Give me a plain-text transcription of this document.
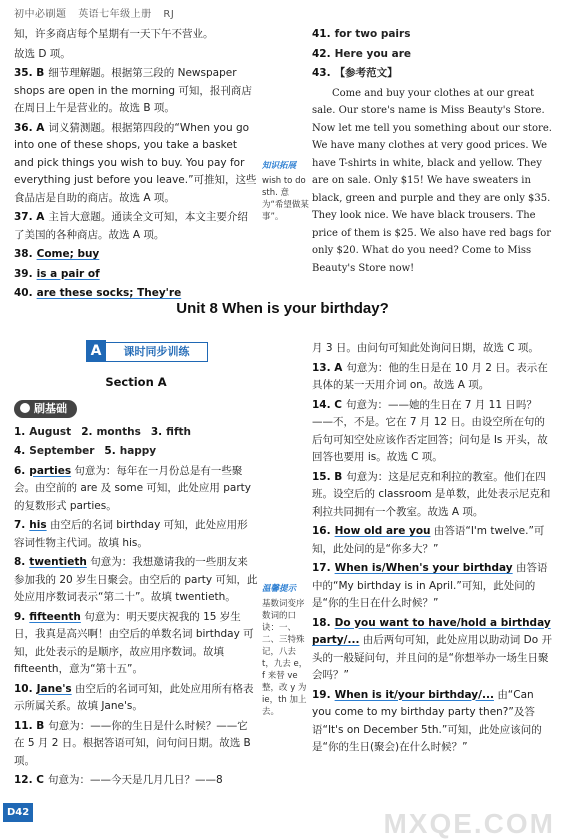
初中必刷题 英语七年级上册 RJ
知，许多商店每个星期有一天下午不营业。
故选 D 项。
35. B 细节理解题。根据第三段的 Newspaper shops are open in the morning 可知，报刊商店在周日上午是营业的。故选 B 项。
36. A 词义猜测题。根据第四段的“When you go into one of these shops, you take a basket and pick things you wish to buy. You pay for everything just before you leave.”可推知，这些食品店是自助的商店。故选 A 项。
37. A 主旨大意题。通读全文可知，本文主要介绍了美国的各种商店。故选 A 项。
38. Come; buy
39. is a pair of
40. are these socks; They're
知识拓展
wish to do sth. 意为“希望做某事”。
41. for two pairs
42. Here you are
43. 【参考范文】

Come and buy your clothes at our great sale. Our store's name is Miss Beauty's Store. Now let me tell you something about our store. We have many clothes at very good prices. We have T-shirts in white, black and yellow. They are on sale. Only $15! We have sweaters in black, green and purple and they are only $35. They look nice. We have black trousers. The price of them is $25. We also have red bags for only $20. What do you need? Come to Miss Beauty's Store now!

Unit 8 When is your birthday?
A	课时同步训练
Section A
刷基础
1. August 2. months 3. fifth
4. September 5. happy
6. parties 句意为：每年在一月份总是有一些聚会。由空前的 are 及 some 可知，此处应用 party 的复数形式 parties。
7. his 由空后的名词 birthday 可知，此处应用形容词性物主代词。故填 his。
8. twentieth 句意为：我想邀请我的一些朋友来参加我的 20 岁生日聚会。由空后的 party 可知，此处应用序数词表示“第二十”。故填 twentieth。
9. fifteenth 句意为：明天要庆祝我的 15 岁生日，我真是高兴啊！由空后的单数名词 birthday 可知，此处表示的是顺序，故应用序数词。故填 fifteenth，意为“第十五”。
10. Jane's 由空后的名词可知，此处应用所有格表示所属关系。故填 Jane's。
11. B 句意为：——你的生日是什么时候？——它在 5 月 2 日。根据答语可知，问句问日期。故选 B 项。
12. C 句意为：——今天是几月几日？——8
温馨提示
基数词变序数词的口诀：一、二、三特殊记，八去 t，九去 e，f 来替 ve 整，改 y 为 ie，th 加上去。
月 3 日。由问句可知此处询问日期，故选 C 项。
13. A 句意为：他的生日是在 10 月 2 日。表示在具体的某一天用介词 on。故选 A 项。
14. C 句意为：——她的生日在 7 月 11 日吗？——不，不是。它在 7 月 12 日。由设空所在句的后句可知空处应该作否定回答；问句是 Is 开头，故回答也要用 is。故选 C 项。
15. B 句意为：这是尼克和利拉的教室。他们在四班。设空后的 classroom 是单数，此处表示尼克和利拉共同拥有一个教室。故选 A 项。
16. How old are you 由答语“I'm twelve.”可知，此处问的是“你多大？”
17. When is/When's your birthday 由答语中的“My birthday is in April.”可知，此处问的是“你的生日在什么时候？”
18. Do you want to have/hold a birthday party/... 由后两句可知，此处应用以助动词 Do 开头的一般疑问句，并且问的是“你想举办一场生日聚会吗？”
19. When is it/your birthday/... 由“Can you come to my birthday party then?”及答语“It's on December 5th.”可知，此处应该问的是“你的生日(聚会)在什么时候？”
D42	MXQE.COM
